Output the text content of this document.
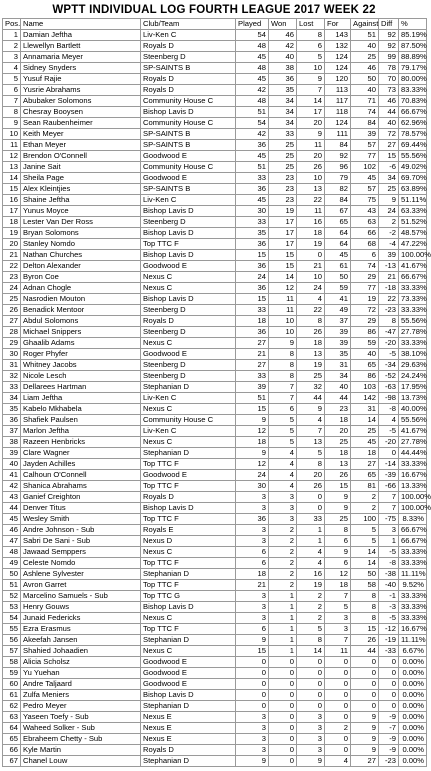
WPTT INDIVIDUAL LOG FOURTH LEAGUE 2017 WEEK 22
Pos.	Name	Club/Team	Played	Won	Lost	For	Against	Diff	%
1	Damian Jeftha	Liv-Ken C	54	46	8	143	51	92	85.19%
2	Llewellyn Bartlett	Royals D	48	42	6	132	40	92	87.50%
3	Annamaria Meyer	Steenberg D	45	40	5	124	25	99	88.89%
4	Sidney Snyders	SP-SAINTS B	48	38	10	124	46	78	79.17%
5	Yusuf Rajie	Royals D	45	36	9	120	50	70	80.00%
6	Yusrie Abrahams	Royals D	42	35	7	113	40	73	83.33%
7	Abubaker Solomons	Community House C	48	34	14	117	71	46	70.83%
8	Chesray Booysen	Bishop Lavis D	51	34	17	118	74	44	66.67%
9	Sean Raubenheimer	Community House C	54	34	20	124	84	40	62.96%
10	Keith Meyer	SP-SAINTS B	42	33	9	111	39	72	78.57%
11	Ethan Meyer	SP-SAINTS B	36	25	11	84	57	27	69.44%
12	Brendon O'Connell	Goodwood E	45	25	20	92	77	15	55.56%
13	Janine Sait	Community House C	51	25	26	96	102	-6	49.02%
14	Sheila Page	Goodwood E	33	23	10	79	45	34	69.70%
15	Alex Kleintjies	SP-SAINTS B	36	23	13	82	57	25	63.89%
16	Shaine Jeftha	Liv-Ken C	45	23	22	84	75	9	51.11%
17	Yunus Moyce	Bishop Lavis D	30	19	11	67	43	24	63.33%
18	Lester Van Der Ross	Steenberg D	33	17	16	65	63	2	51.52%
19	Bryan Solomons	Bishop Lavis D	35	17	18	64	66	-2	48.57%
20	Stanley Nomdo	Top TTC F	36	17	19	64	68	-4	47.22%
21	Nathan Churches	Bishop Lavis D	15	15	0	45	6	39	100.00%
22	Delton Alexander	Goodwood E	36	15	21	61	74	-13	41.67%
23	Byron Coe	Nexus C	24	14	10	50	29	21	66.67%
24	Adnan Chogle	Nexus C	36	12	24	59	77	-18	33.33%
25	Nasrodien Mouton	Bishop Lavis D	15	11	4	41	19	22	73.33%
26	Benadick Mentoor	Steenberg D	33	11	22	49	72	-23	33.33%
27	Abdul Solomons	Royals D	18	10	8	37	29	8	55.56%
28	Michael Snippers	Steenberg D	36	10	26	39	86	-47	27.78%
29	Ghaalib Adams	Nexus C	27	9	18	39	59	-20	33.33%
30	Roger Phyfer	Goodwood E	21	8	13	35	40	-5	38.10%
31	Whitney Jacobs	Steenberg D	27	8	19	31	65	-34	29.63%
32	Nicole Lesch	Steenberg D	33	8	25	34	86	-52	24.24%
33	Dellarees Hartman	Stephanian D	39	7	32	40	103	-63	17.95%
34	Liam Jeftha	Liv-Ken C	51	7	44	44	142	-98	13.73%
35	Kabelo Mkhabela	Nexus C	15	6	9	23	31	-8	40.00%
36	Shafiek Paulsen	Community House C	9	5	4	18	14	4	55.56%
37	Marlon Jeftha	Liv-Ken C	12	5	7	20	25	-5	41.67%
38	Razeen Henbricks	Nexus C	18	5	13	25	45	-20	27.78%
39	Clare Wagner	Stephanian D	9	4	5	18	18	0	44.44%
40	Jayden Achilles	Top TTC F	12	4	8	13	27	-14	33.33%
41	Calhoun O'Connell	Goodwood E	24	4	20	26	65	-39	16.67%
42	Shanica Abrahams	Top TTC F	30	4	26	15	81	-66	13.33%
43	Ganief Creighton	Royals D	3	3	0	9	2	7	100.00%
44	Denver Titus	Bishop Lavis D	3	3	0	9	2	7	100.00%
45	Wesley Smith	Top TTC F	36	3	33	25	100	-75	8.33%
46	Andre Johnson - Sub	Royals E	3	2	1	8	5	3	66.67%
47	Sabri De Sani - Sub	Nexus D	3	2	1	6	5	1	66.67%
48	Jawaad Semppers	Nexus C	6	2	4	9	14	-5	33.33%
49	Celeste Nomdo	Top TTC F	6	2	4	6	14	-8	33.33%
50	Ashlene Sylvester	Stephanian D	18	2	16	12	50	-38	11.11%
51	Avron Garret	Top TTC F	21	2	19	18	58	-40	9.52%
52	Marcelino Samuels - Sub	Top TTC G	3	1	2	7	8	-1	33.33%
53	Henry Gouws	Bishop Lavis D	3	1	2	5	8	-3	33.33%
54	Junaid Federicks	Nexus C	3	1	2	3	8	-5	33.33%
55	Ezra Erasmus	Top TTC F	6	1	5	3	15	-12	16.67%
56	Akeefah Jansen	Stephanian D	9	1	8	7	26	-19	11.11%
57	Shahied Johaadien	Nexus C	15	1	14	11	44	-33	6.67%
58	Alicia Scholsz	Goodwood E	0	0	0	0	0	0	0.00%
59	Yu Yuehan	Goodwood E	0	0	0	0	0	0	0.00%
60	Andre Taljaard	Goodwood E	0	0	0	0	0	0	0.00%
61	Zulfa Meniers	Bishop Lavis D	0	0	0	0	0	0	0.00%
62	Pedro Meyer	Stephanian D	0	0	0	0	0	0	0.00%
63	Yaseen Toefy - Sub	Nexus E	3	0	3	0	9	-9	0.00%
64	Waheed Solker - Sub	Nexus E	3	0	3	2	9	-7	0.00%
65	Ebraheem Chetty - Sub	Nexus E	3	0	3	0	9	-9	0.00%
66	Kyle Martin	Royals D	3	0	3	0	9	-9	0.00%
67	Chanel Louw	Stephanian D	9	0	9	4	27	-23	0.00%
